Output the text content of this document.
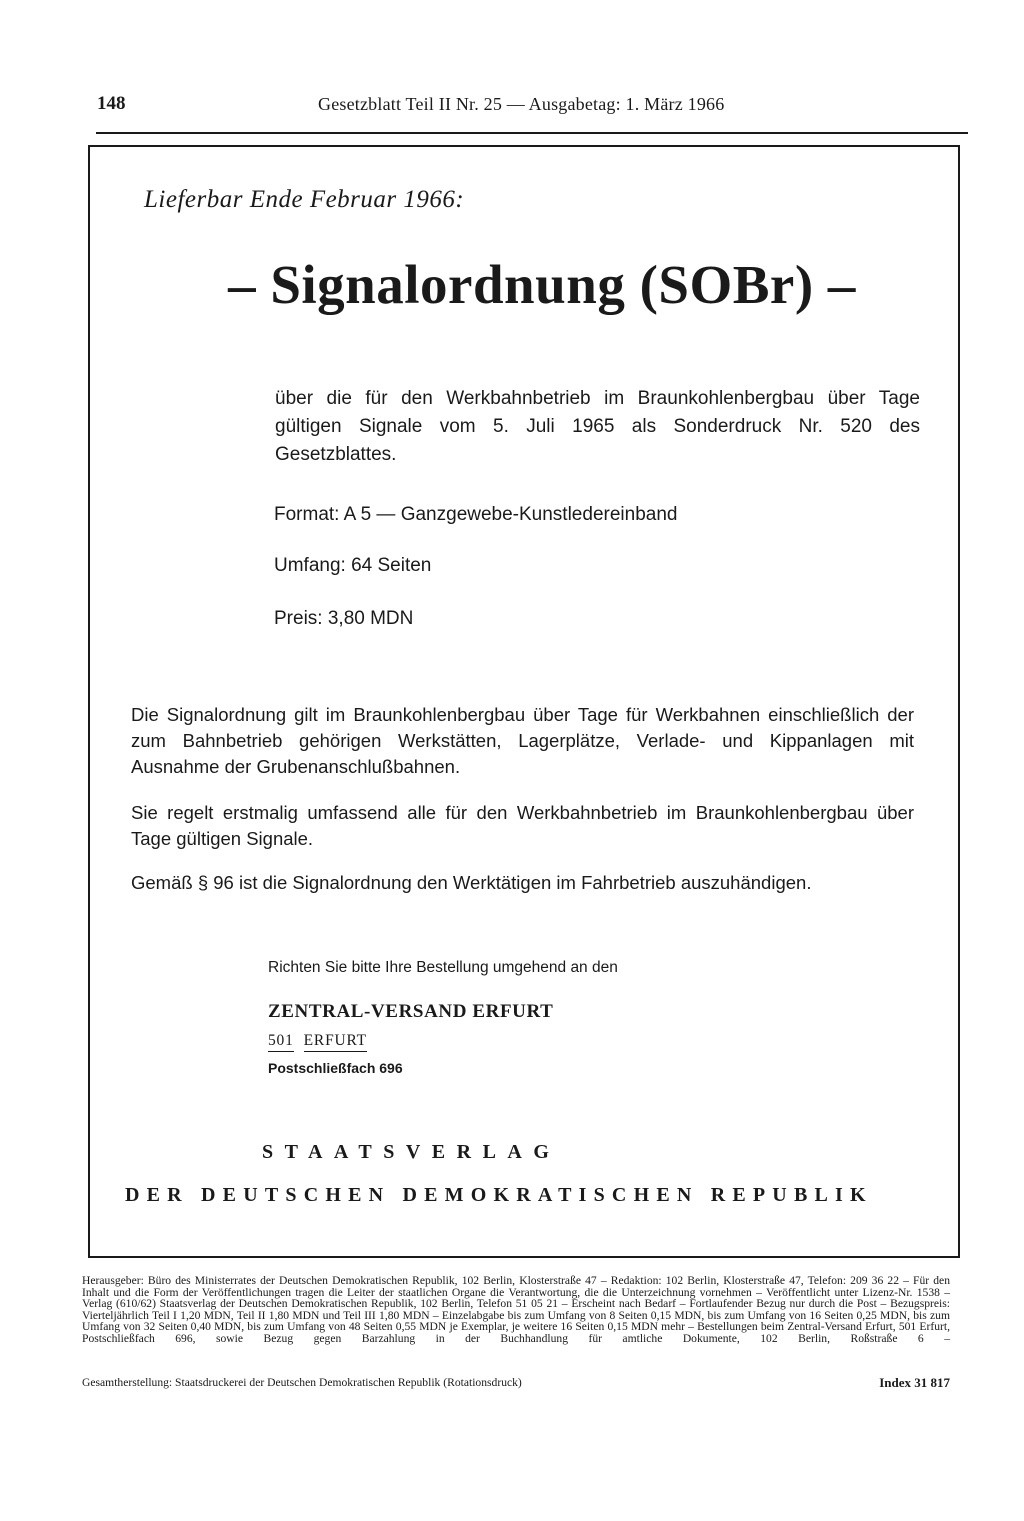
148	Gesetzblatt Teil II Nr. 25 — Ausgabetag: 1. März 1966
Lieferbar Ende Februar 1966:
– Signalordnung (SOBr) –
über die für den Werkbahnbetrieb im Braunkohlenbergbau über Tage
gültigen Signale vom 5. Juli 1965 als Sonderdruck Nr. 520 des Gesetzblattes.
Format: A 5 — Ganzgewebe-Kunstledereinband
Umfang: 64 Seiten
Preis: 3,80 MDN

Die Signalordnung gilt im Braunkohlenbergbau über Tage für Werkbahnen einschließlich der zum Bahnbetrieb gehörigen Werkstätten, Lagerplätze, Verlade- und Kippanlagen mit Ausnahme der Grubenanschlußbahnen.

Sie regelt erstmalig umfassend alle für den Werkbahnbetrieb im Braunkohlenbergbau über Tage gültigen Signale.

Gemäß § 96 ist die Signalordnung den Werktätigen im Fahrbetrieb auszuhändigen.

Richten Sie bitte Ihre Bestellung umgehend an den
ZENTRAL-VERSAND ERFURT
501 ERFURT
Postschließfach 696
STAATSVERLAG
DER DEUTSCHEN DEMOKRATISCHEN REPUBLIK

Herausgeber: Büro des Ministerrates der Deutschen Demokratischen Republik, 102 Berlin, Klosterstraße 47 – Redaktion: 102 Berlin, Klosterstraße 47, Telefon: 209 36 22 – Für den Inhalt und die Form der Veröffentlichungen tragen die Leiter der staatlichen Organe die Verantwortung, die die Unterzeichnung vornehmen – Veröffentlicht unter Lizenz-Nr. 1538 – Verlag (610/62) Staatsverlag der Deutschen Demokratischen Republik, 102 Berlin, Telefon 51 05 21 – Erscheint nach Bedarf – Fortlaufender Bezug nur durch die Post – Bezugspreis: Vierteljährlich Teil I 1,20 MDN, Teil II 1,80 MDN und Teil III 1,80 MDN – Einzelabgabe bis zum Umfang von 8 Seiten 0,15 MDN, bis zum Umfang von 16 Seiten 0,25 MDN, bis zum Umfang von 32 Seiten 0,40 MDN, bis zum Umfang von 48 Seiten 0,55 MDN je Exemplar, je weitere 16 Seiten 0,15 MDN mehr – Bestellungen beim Zentral-Versand Erfurt, 501 Erfurt, Postschließfach 696, sowie Bezug gegen Barzahlung in der Buchhandlung für amtliche Dokumente, 102 Berlin, Roßstraße 6 –

Gesamtherstellung: Staatsdruckerei der Deutschen Demokratischen Republik (Rotationsdruck)	Index 31 817
